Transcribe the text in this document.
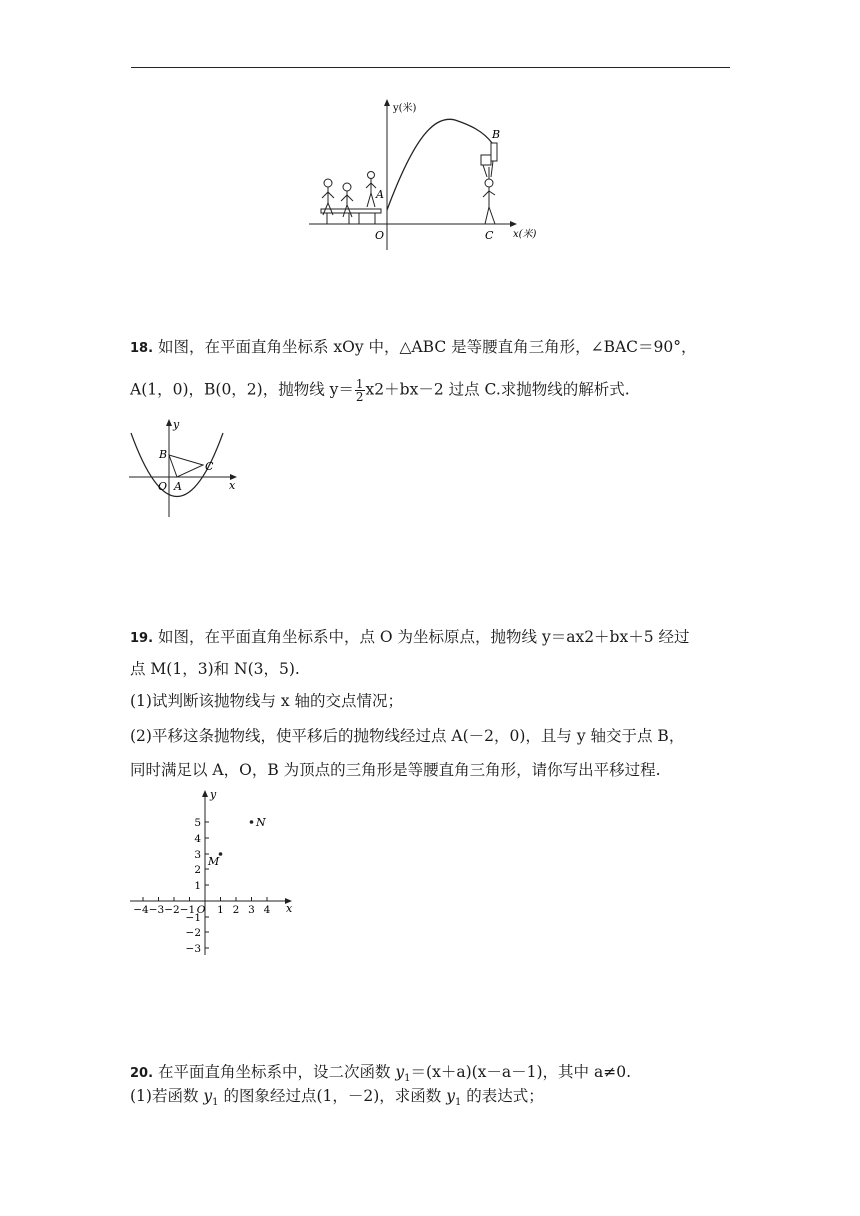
y(米)
x(米)
A
B
O	C
18. 如图，在平面直角坐标系 xOy 中，△ABC 是等腰直角三角形，∠BAC＝90°，
A(1，0)，B(0，2)，抛物线 $y= \frac{1}{2} x2+bx-2$ 过点 C.求抛物线的解析式.
x
y
B
C
O A
19. 如图，在平面直角坐标系中，点 O 为坐标原点，抛物线 y＝ax2＋bx＋5 经过
点 M(1，3)和 N(3，5).
(1)试判断该抛物线与 x 轴的交点情况；
(2)平移这条抛物线，使平移后的抛物线经过点 A(－2，0)，且与 y 轴交于点 B，
同时满足以 A，O，B 为顶点的三角形是等腰直角三角形，请你写出平移过程.
x
y
−4 −3 −2 −1 O 1 2 3 4
5
4
3
2
1
−1
−2
−3
M
N
20. 在平面直角坐标系中，设二次函数 $y_1=(x+a)(x-a-1)$，其中 a≠0.
(1)若函数 $y_1$ 的图象经过点(1，－2)，求函数 $y_1$ 的表达式；
